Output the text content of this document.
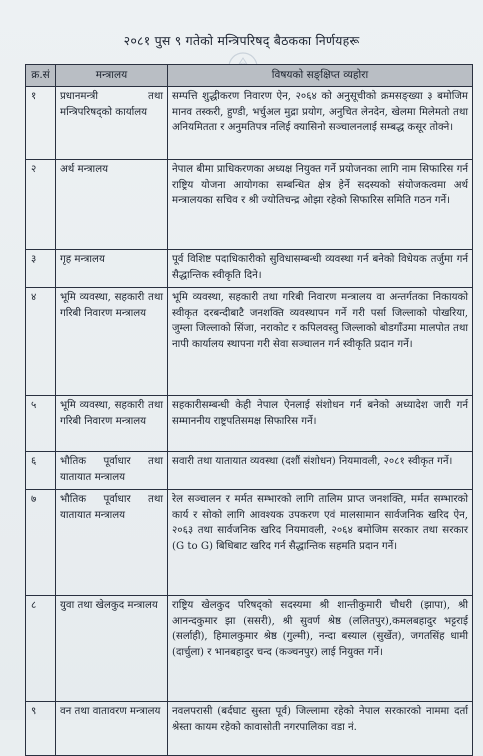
२०८१ पुस ९ गतेको मन्त्रिपरिषद् बैठकका निर्णयहरू
क्र.सं	मन्त्रालय	विषयको सङ्क्षिप्त व्यहोरा
१	प्रधानमन्त्री तथा मन्त्रिपरिषद्को कार्यालय	सम्पत्ति शुद्धीकरण निवारण ऐन, २०६४ को अनुसूचीको क्रमसङ्ख्या ३ बमोजिम मानव तस्करी, हुण्डी, भर्चुअल मुद्रा प्रयोग, अनुचित लेनदेन, खेलमा मिलेमतो तथा अनियमितता र अनुमतिपत्र नलिई क्यासिनो सञ्चालनलाई सम्बद्ध कसूर तोक्ने।
२	अर्थ मन्त्रालय	नेपाल बीमा प्राधिकरणका अध्यक्ष नियुक्त गर्ने प्रयोजनका लागि नाम सिफारिस गर्न राष्ट्रिय योजना आयोगका सम्बन्धित क्षेत्र हेर्ने सदस्यको संयोजकत्वमा अर्थ मन्त्रालयका सचिव र श्री ज्योतिचन्द्र ओझा रहेको सिफारिस समिति गठन गर्ने।
३	गृह मन्त्रालय	पूर्व विशिष्ट पदाधिकारीको सुविधासम्बन्धी व्यवस्था गर्न बनेको विधेयक तर्जुमा गर्न सैद्धान्तिक स्वीकृति दिने।
४	भूमि व्यवस्था, सहकारी तथा गरिबी निवारण मन्त्रालय	भूमि व्यवस्था, सहकारी तथा गरिबी निवारण मन्त्रालय वा अन्तर्गतका निकायको स्वीकृत दरबन्दीबाटै जनशक्ति व्यवस्थापन गर्ने गरी पर्सा जिल्लाको पोखरिया, जुम्ला जिल्लाको सिंजा, नराकोट र कपिलवस्तु जिल्लाको बोडगाँउमा मालपोत तथा नापी कार्यालय स्थापना गरी सेवा सञ्चालन गर्न स्वीकृति प्रदान गर्ने।
५	भूमि व्यवस्था, सहकारी तथा गरिबी निवारण मन्त्रालय	सहकारीसम्बन्धी केही नेपाल ऐनलाई संशोधन गर्न बनेको अध्यादेश जारी गर्न सम्माननीय राष्ट्रपतिसमक्ष सिफारिस गर्ने।
६	भौतिक पूर्वाधार तथा यातायात मन्त्रालय	सवारी तथा यातायात व्यवस्था (दशौं संशोधन) नियमावली, २०८१ स्वीकृत गर्ने।
७	भौतिक पूर्वाधार तथा यातायात मन्त्रालय	रेल सञ्चालन र मर्मत सम्भारको लागि तालिम प्राप्त जनशक्ति, मर्मत सम्भारको कार्य र सोको लागि आवश्यक उपकरण एवं मालसामान सार्वजनिक खरिद ऐन, २०६३ तथा सार्वजनिक खरिद नियमावली, २०६४ बमोजिम सरकार तथा सरकार (G to G) बिधिबाट खरिद गर्न सैद्धान्तिक सहमति प्रदान गर्ने।
८	युवा तथा खेलकुद मन्त्रालय	राष्ट्रिय खेलकुद परिषद्को सदस्यमा श्री शान्तीकुमारी चौधरी (झापा), श्री आनन्दकुमार झा (ससरी), श्री सुवर्ण श्रेष्ठ (ललितपुर),कमलबहादुर भट्टराई (सर्लाही), हिमालकुमार श्रेष्ठ (गुल्मी), नन्दा बस्याल (सुर्खेत), जगतसिंह धामी (दार्चुला) र भानबहादुर चन्द (कञ्चनपुर) लाई नियुक्त गर्ने।
९	वन तथा वातावरण मन्त्रालय	नवलपरासी (बर्दघाट सुस्ता पूर्व) जिल्लामा रहेको नेपाल सरकारको नाममा दर्ता श्रेस्ता कायम रहेको कावासोती नगरपालिका वडा नं.
